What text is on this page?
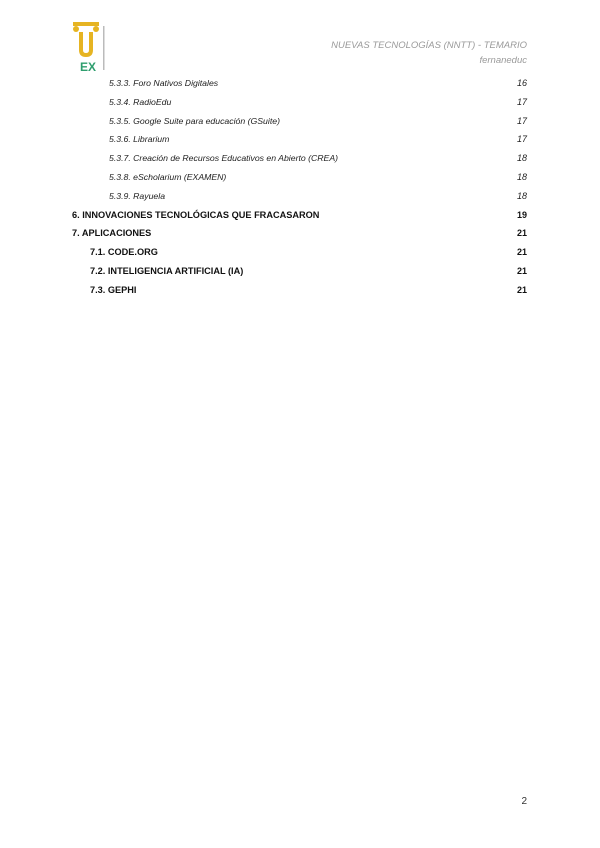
EX
NUEVAS TECNOLOGÍAS (NNTT) - TEMARIO
fernaneduc
5.3.3. Foro Nativos Digitales	16
5.3.4. RadioEdu	17
5.3.5. Google Suite para educación (GSuite)	17
5.3.6. Librarium	17
5.3.7. Creación de Recursos Educativos en Abierto (CREA)	18
5.3.8. eScholarium (EXAMEN)	18
5.3.9. Rayuela	18
6. INNOVACIONES TECNOLÓGICAS QUE FRACASARON	19
7. APLICACIONES	21
7.1. CODE.ORG	21
7.2. INTELIGENCIA ARTIFICIAL (IA)	21
7.3. GEPHI	21
2
